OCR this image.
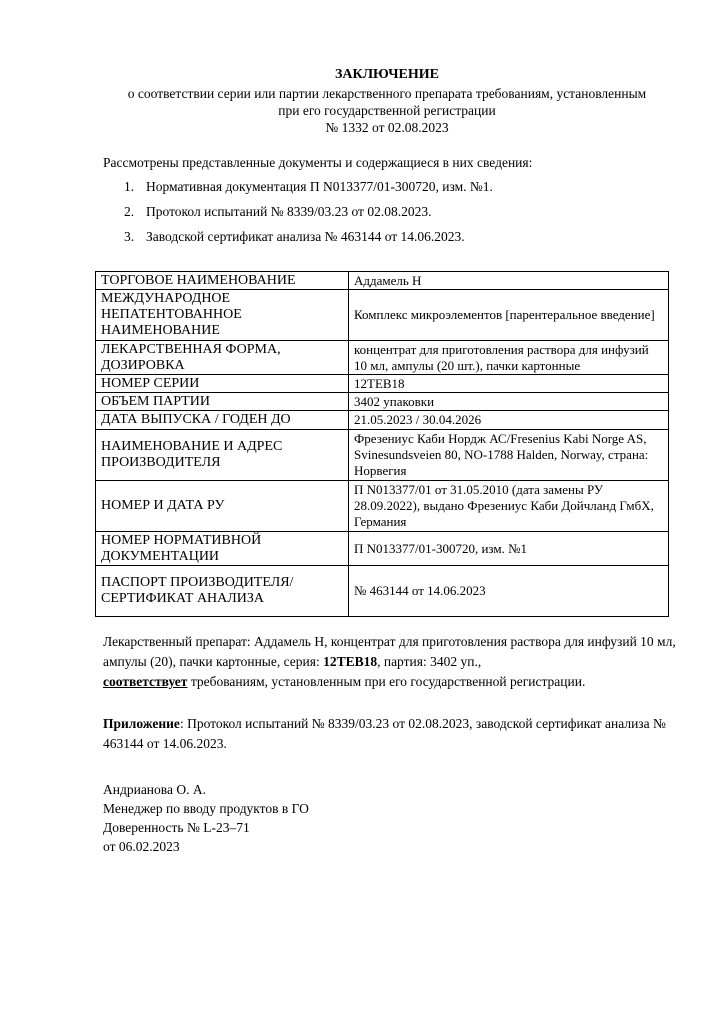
ЗАКЛЮЧЕНИЕ
о соответствии серии или партии лекарственного препарата требованиям, установленным
при его государственной регистрации
№ 1332 от 02.08.2023
Рассмотрены представленные документы и содержащиеся в них сведения:
1. Нормативная документация П N013377/01-300720, изм. №1.
2. Протокол испытаний № 8339/03.23 от 02.08.2023.
3. Заводской сертификат анализа № 463144 от 14.06.2023.
ТОРГОВОЕ НАИМЕНОВАНИЕ	Аддамель Н
МЕЖДУНАРОДНОЕ НЕПАТЕНТОВАННОЕ НАИМЕНОВАНИЕ	Комплекс микроэлементов [парентеральное введение]
ЛЕКАРСТВЕННАЯ ФОРМА, ДОЗИРОВКА	концентрат для приготовления раствора для инфузий 10 мл, ампулы (20 шт.), пачки картонные
НОМЕР СЕРИИ	12TEB18
ОБЪЕМ ПАРТИИ	3402 упаковки
ДАТА ВЫПУСКА / ГОДЕН ДО	21.05.2023 / 30.04.2026
НАИМЕНОВАНИЕ И АДРЕС ПРОИЗВОДИТЕЛЯ	Фрезениус Каби Нордж АС/Fresenius Kabi Norge AS, Svinesundsveien 80, NO-1788 Halden, Norway, страна: Норвегия
НОМЕР И ДАТА РУ	П N013377/01 от 31.05.2010 (дата замены РУ 28.09.2022), выдано Фрезениус Каби Дойчланд ГмбХ, Германия
НОМЕР НОРМАТИВНОЙ ДОКУМЕНТАЦИИ	П N013377/01-300720, изм. №1
ПАСПОРТ ПРОИЗВОДИТЕЛЯ/СЕРТИФИКАТ АНАЛИЗА	№ 463144 от 14.06.2023
Лекарственный препарат: Аддамель Н, концентрат для приготовления раствора для инфузий 10 мл, ампулы (20), пачки картонные, серия: 12TEB18, партия: 3402 уп.,
соответствует требованиям, установленным при его государственной регистрации.
Приложение: Протокол испытаний № 8339/03.23 от 02.08.2023, заводской сертификат анализа № 463144 от 14.06.2023.
Андрианова О. А.
Менеджер по вводу продуктов в ГО
Доверенность № L-23–71
от 06.02.2023
